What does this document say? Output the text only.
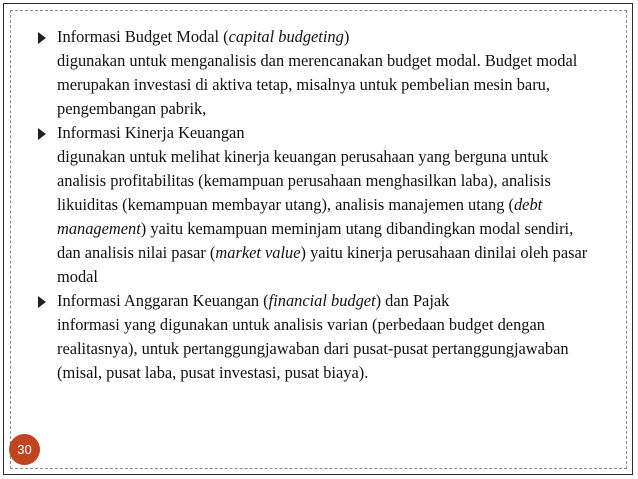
Informasi Budget Modal (capital budgeting)
digunakan untuk menganalisis dan merencanakan budget modal. Budget modal
merupakan investasi di aktiva tetap, misalnya untuk pembelian mesin baru,
pengembangan pabrik,
Informasi Kinerja Keuangan
digunakan untuk melihat kinerja keuangan perusahaan yang berguna untuk
analisis profitabilitas (kemampuan perusahaan menghasilkan laba), analisis
likuiditas (kemampuan membayar utang), analisis manajemen utang (debt
management) yaitu kemampuan meminjam utang dibandingkan modal sendiri,
dan analisis nilai pasar (market value) yaitu kinerja perusahaan dinilai oleh pasar
modal
Informasi Anggaran Keuangan (financial budget) dan Pajak
informasi yang digunakan untuk analisis varian (perbedaan budget dengan
realitasnya), untuk pertanggungjawaban dari pusat-pusat pertanggungjawaban
(misal, pusat laba, pusat investasi, pusat biaya).
30
